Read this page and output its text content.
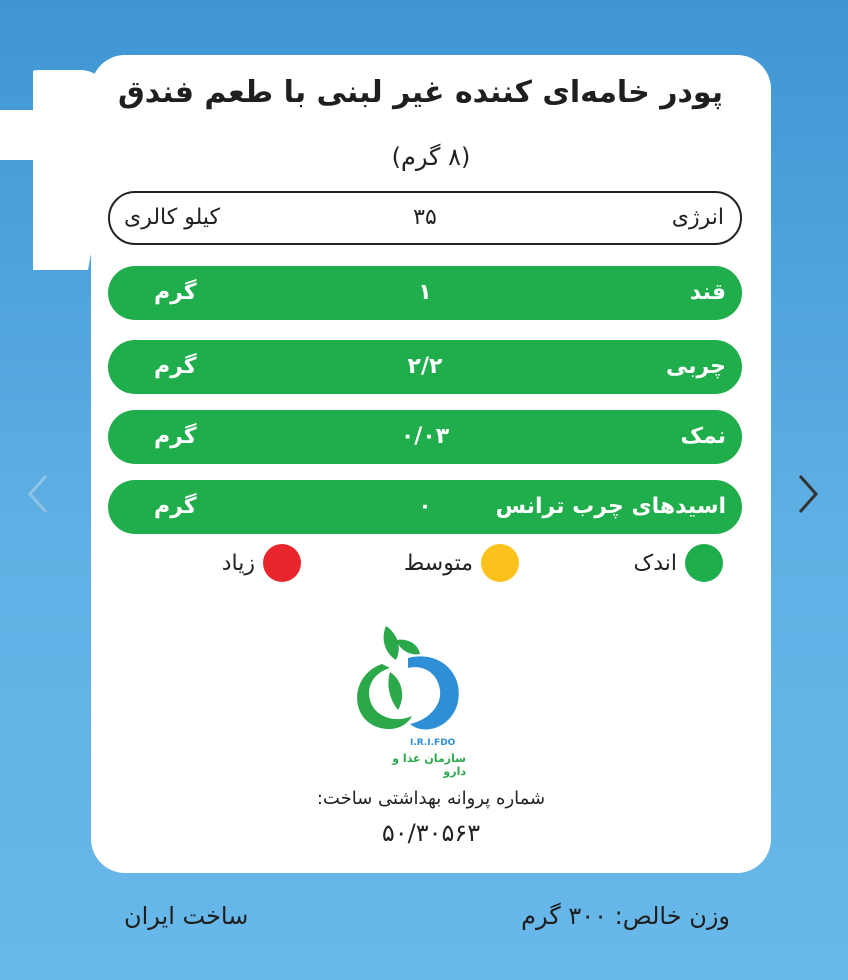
پودر خامه‌ای کننده غیر لبنی با طعم فندق
(۸ گرم)
انرژی
۳۵
کیلو کالری
قند
۱
گرم
چربی
۲/۲
گرم
نمک
۰/۰۳
گرم
اسیدهای چرب ترانس
۰
گرم
اندک
متوسط
زیاد
I.R.I.FDO
سازمان غذا و دارو
شماره پروانه بهداشتی ساخت:
۵۰/۳۰۵۶۳
وزن خالص: ۳۰۰ گرم
ساخت ایران
